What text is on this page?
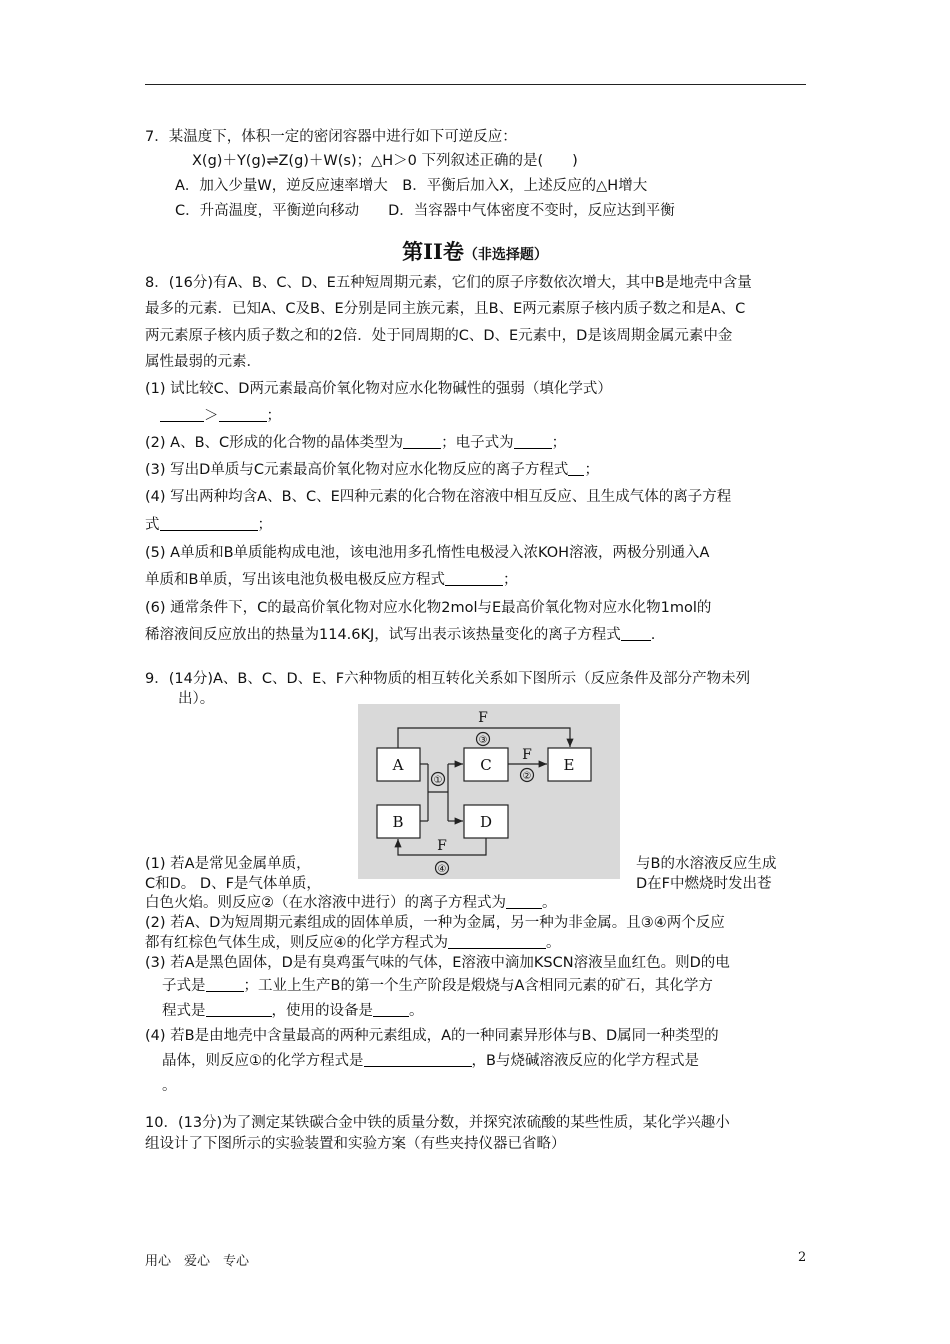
7．某温度下，体积一定的密闭容器中进行如下可逆反应：
X(g)＋Y(g)⇌Z(g)＋W(s)；△H＞0 下列叙述正确的是(　　)
A．加入少量W，逆反应速率增大　B．平衡后加入X，上述反应的△H增大
C．升高温度，平衡逆向移动　　D．当容器中气体密度不变时，反应达到平衡
第II卷（非选择题）
8．(16分)有A、B、C、D、E五种短周期元素，它们的原子序数依次增大，其中B是地壳中含量
最多的元素．已知A、C及B、E分别是同主族元素，且B、E两元素原子核内质子数之和是A、C
两元素原子核内质子数之和的2倍．处于同周期的C、D、E元素中，D是该周期金属元素中金
属性最弱的元素．
(1) 试比较C、D两元素最高价氧化物对应水化物碱性的强弱（填化学式）
＞	；
(2) A、B、C形成的化合物的晶体类型为	；电子式为	；
(3) 写出D单质与C元素最高价氧化物对应水化物反应的离子方程式 ；
(4) 写出两种均含A、B、C、E四种元素的化合物在溶液中相互反应、且生成气体的离子方程
式	；
(5) A单质和B单质能构成电池，该电池用多孔惰性电极浸入浓KOH溶液，两极分别通入A
单质和B单质，写出该电池负极电极反应方程式	；
(6) 通常条件下，C的最高价氧化物对应水化物2mol与E最高价氧化物对应水化物1mol的
稀溶液间反应放出的热量为114.6KJ，试写出表示该热量变化的离子方程式 .
9．(14分)A、B、C、D、E、F六种物质的相互转化关系如下图所示（反应条件及部分产物未列
出）。
A
B
C
D
E
F
F
F
③
①	②
④
(1) 若A是常见金属单质，	与B的水溶液反应生成
C和D。 D、F是气体单质，	D在F中燃烧时发出苍
白色火焰。则反应②（在水溶液中进行）的离子方程式为 。
(2) 若A、D为短周期元素组成的固体单质，一种为金属，另一种为非金属。且③④两个反应
都有红棕色气体生成，则反应④的化学方程式为	。
(3) 若A是黑色固体，D是有臭鸡蛋气味的气体，E溶液中滴加KSCN溶液呈血红色。则D的电
子式是	；工业上生产B的第一个生产阶段是煅烧与A含相同元素的矿石，其化学方
程式是	，使用的设备是 。
(4) 若B是由地壳中含量最高的两种元素组成，A的一种同素异形体与B、D属同一种类型的
晶体，则反应①的化学方程式是	，B与烧碱溶液反应的化学方程式是
。
10．(13分)为了测定某铁碳合金中铁的质量分数，并探究浓硫酸的某些性质，某化学兴趣小
组设计了下图所示的实验装置和实验方案（有些夹持仪器已省略）
用心　爱心　专心	2
